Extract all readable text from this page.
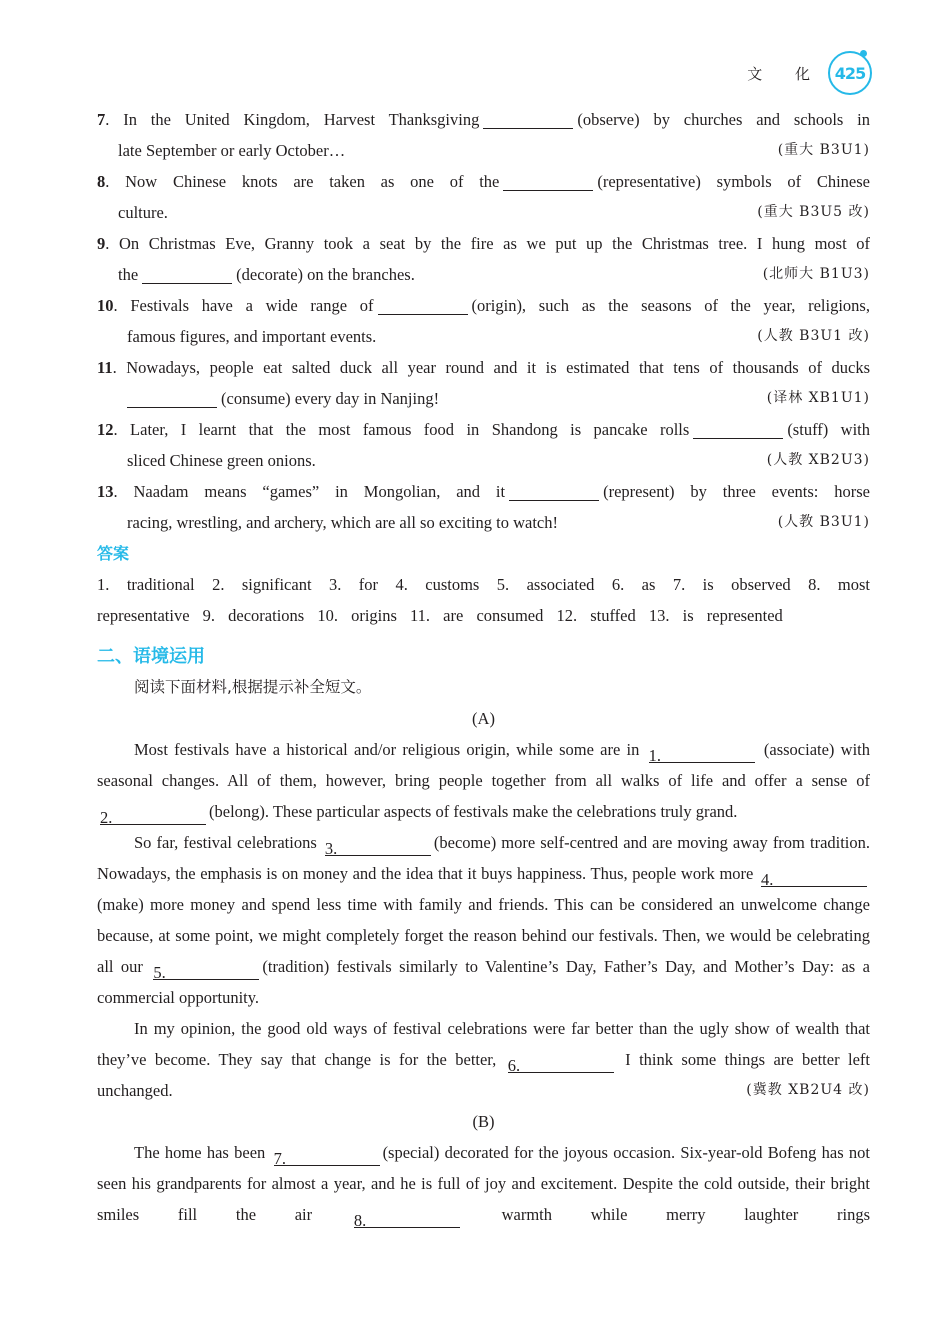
文 化 425
7. In the United Kingdom, Harvest Thanksgiving	(observe) by churches and schools in
late September or early October…	(重大 B3U1)
8. Now Chinese knots are taken as one of the	(representative) symbols of Chinese
culture.	(重大 B3U5 改)
9. On Christmas Eve, Granny took a seat by the fire as we put up the Christmas tree. I hung most of
the	(decorate) on the branches.	(北师大 B1U3)
10. Festivals have a wide range of	(origin), such as the seasons of the year, religions,
famous figures, and important events.	(人教 B3U1 改)
11. Nowadays, people eat salted duck all year round and it is estimated that tens of thousands of ducks
(consume) every day in Nanjing!	(译林 XB1U1)
12. Later, I learnt that the most famous food in Shandong is pancake rolls	(stuff) with
sliced Chinese green onions.	(人教 XB2U3)
13. Naadam means “games” in Mongolian, and it	(represent) by three events: horse
racing, wrestling, and archery, which are all so exciting to watch!	(人教 B3U1)
答案
1. traditional 2. significant 3. for 4. customs 5. associated 6. as 7. is observed 8. most
representative 9. decorations 10. origins 11. are consumed 12. stuffed 13. is represented
二、语境运用
阅读下面材料,根据提示补全短文。
(A)

Most festivals have a historical and/or religious origin, while some are in 1.	(associate) with seasonal changes. All of them, however, bring people together from all walks of life and offer a sense of 2.	(belong). These particular aspects of festivals make the celebrations truly grand.

So far, festival celebrations 3.	(become) more self-centred and are moving away from tradition. Nowadays, the emphasis is on money and the idea that it buys happiness. Thus, people work more 4.(make) more money and spend less time with family and friends. This can be considered an unwelcome change because, at some point, we might completely forget the reason behind our festivals. Then, we would be celebrating all our 5.	(tradition) festivals similarly to Valentine’s Day, Father’s Day, and Mother’s Day: as a commercial opportunity.

In my opinion, the good old ways of festival celebrations were far better than the ugly show of wealth that they’ve become. They say that change is for the better, 6.	I think some things are better left unchanged.	(冀教 XB2U4 改)

(B)

The home has been 7.	(special) decorated for the joyous occasion. Six-year-old Bofeng has not seen his grandparents for almost a year, and he is full of joy and excitement. Despite the cold outside, their bright smiles fill the air	8.	warmth while merry laughter rings
